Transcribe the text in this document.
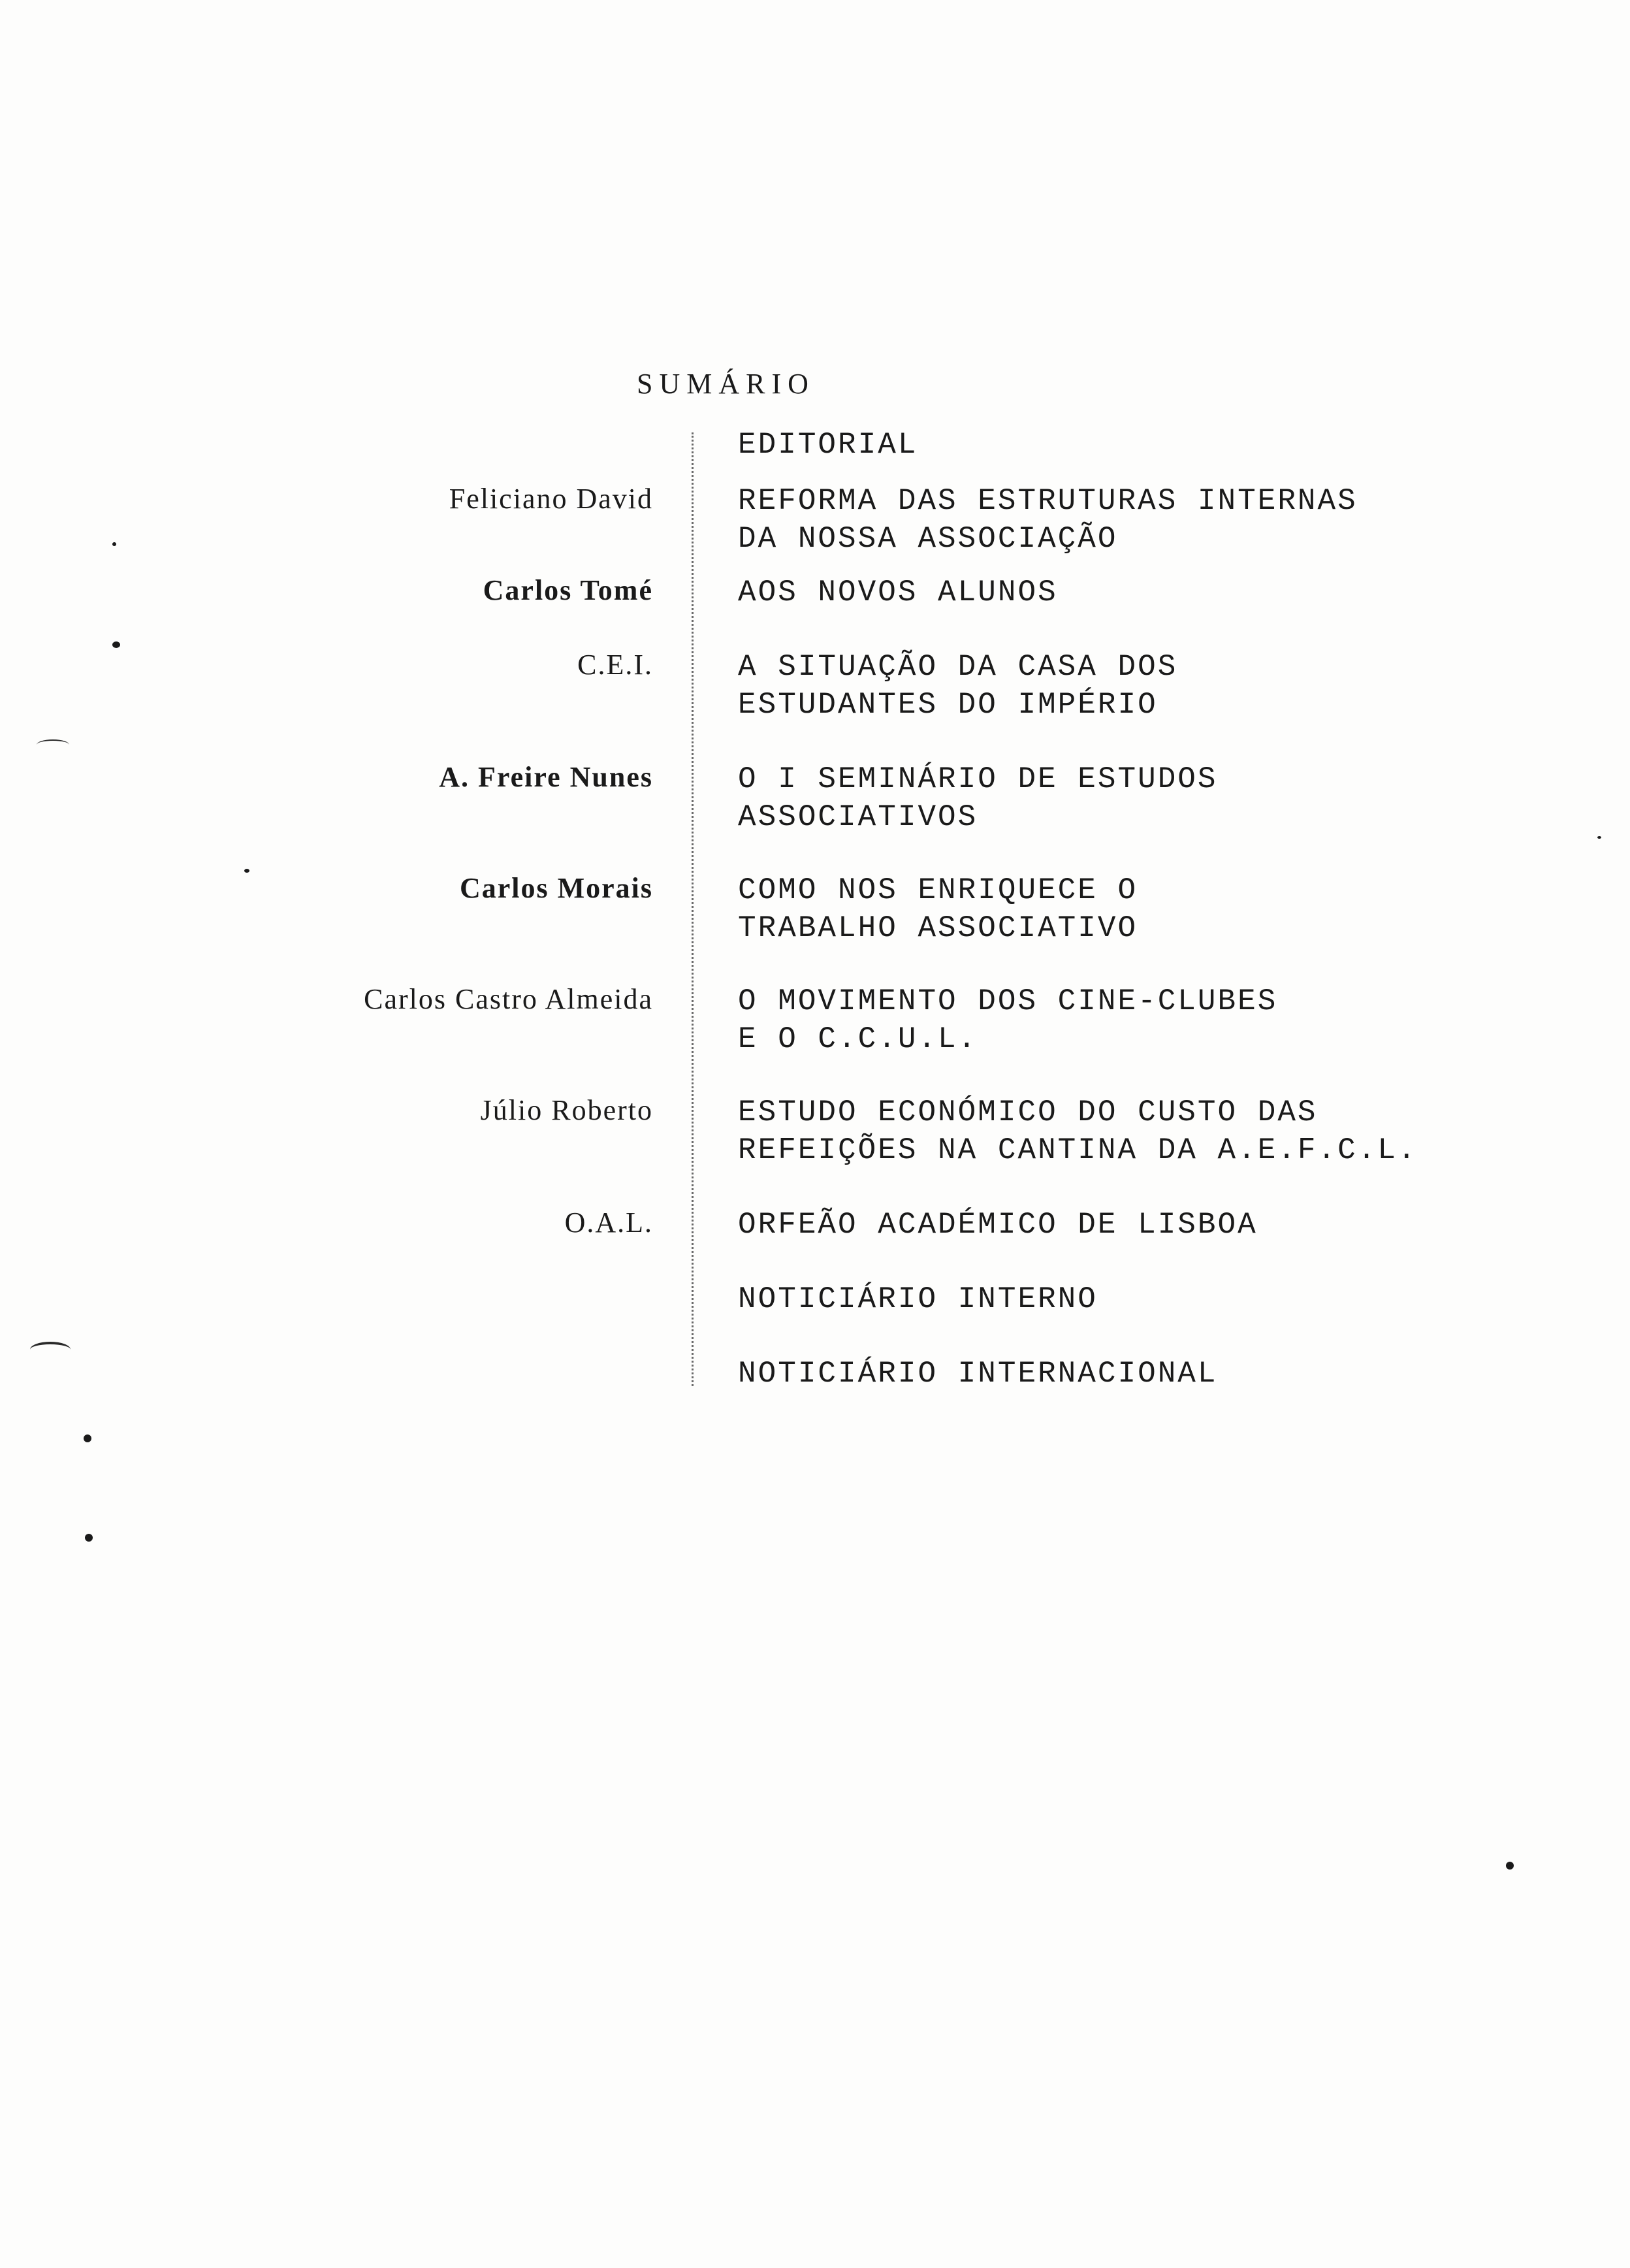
SUMÁRIO
EDITORIAL
Feliciano David	REFORMA DAS ESTRUTURAS INTERNAS
DA NOSSA ASSOCIAÇÃO
Carlos Tomé	AOS NOVOS ALUNOS
C.E.I.	A SITUAÇÃO DA CASA DOS
ESTUDANTES DO IMPÉRIO
A. Freire Nunes	O I SEMINÁRIO DE ESTUDOS
ASSOCIATIVOS
Carlos Morais	COMO NOS ENRIQUECE O
TRABALHO ASSOCIATIVO
Carlos Castro Almeida	O MOVIMENTO DOS CINE-CLUBES
E O C.C.U.L.
Júlio Roberto	ESTUDO ECONÓMICO DO CUSTO DAS
REFEIÇÕES NA CANTINA DA A.E.F.C.L.
O.A.L.	ORFEÃO ACADÉMICO DE LISBOA
NOTICIÁRIO INTERNO
NOTICIÁRIO INTERNACIONAL
